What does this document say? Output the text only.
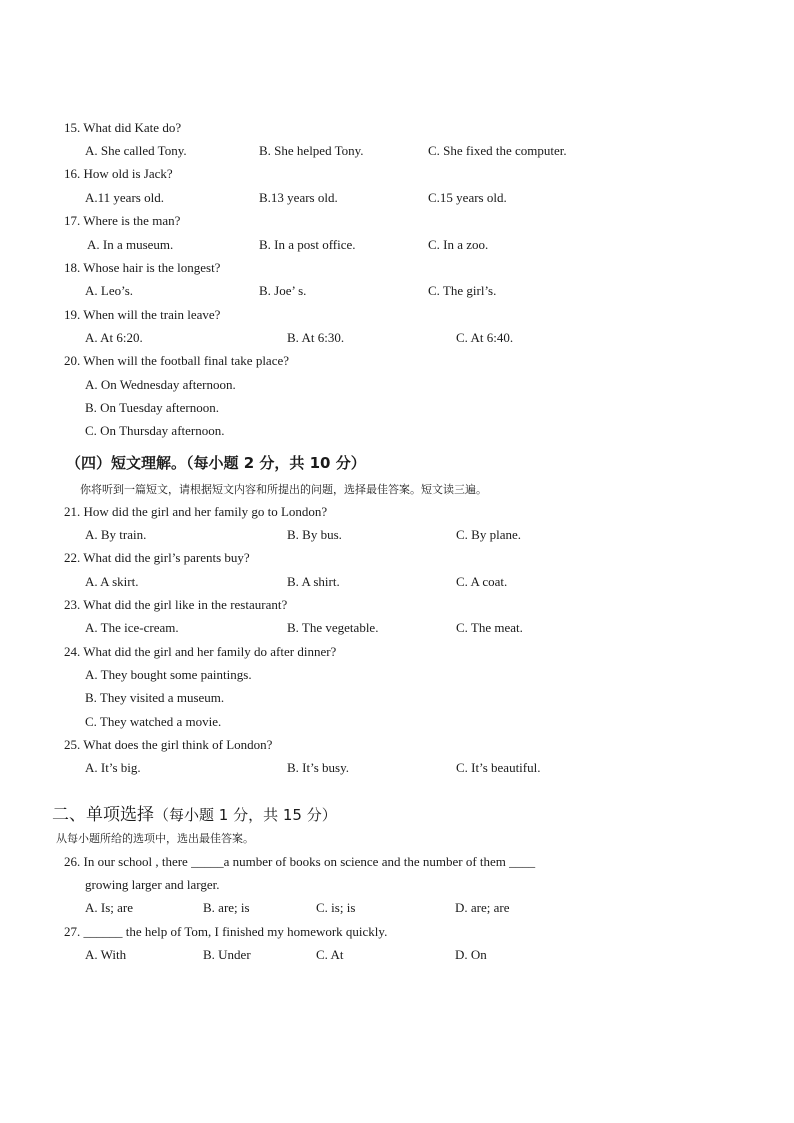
15. What did Kate do?
A. She called Tony.	B. She helped Tony.	C. She fixed the computer.
16. How old is Jack?
A.11 years old.	B.13 years old.	C.15 years old.
17. Where is the man?
A. In a museum.	B. In a post office.	C. In a zoo.
18. Whose hair is the longest?
A. Leo’s.	B. Joe’ s.	C. The girl’s.
19. When will the train leave?
A. At 6:20.	B. At 6:30.	C. At 6:40.
20. When will the football final take place?
A. On Wednesday afternoon.
B. On Tuesday afternoon.
C. On Thursday afternoon.
（四）短文理解。（每小题 2 分，共 10 分）
你将听到一篇短文，请根据短文内容和所提出的问题，选择最佳答案。短文读三遍。
21. How did the girl and her family go to London?
A. By train.	B. By bus.	C. By plane.
22. What did the girl’s parents buy?
A. A skirt.	B. A shirt.	C. A coat.
23. What did the girl like in the restaurant?
A. The ice-cream.	B. The vegetable.	C. The meat.
24. What did the girl and her family do after dinner?
A. They bought some paintings.
B. They visited a museum.
C. They watched a movie.
25. What does the girl think of London?
A. It’s big.	B. It’s busy.	C. It’s beautiful.
二、单项选择（每小题 1 分，共 15 分）
从每小题所给的选项中，选出最佳答案。
26. In our school , there _____a number of books on science and the number of them ____
growing larger and larger.
A. Is; are	B. are; is	C. is; is	D. are; are
27. ______ the help of Tom, I finished my homework quickly.
A. With	B. Under	C. At	D. On
